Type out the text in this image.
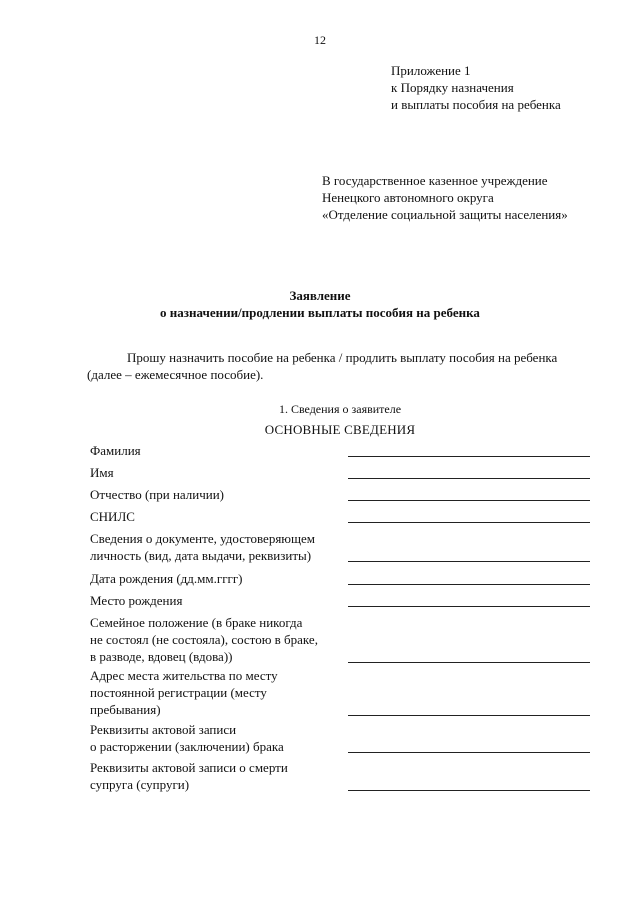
12
Приложение 1
к Порядку назначения
и выплаты пособия на ребенка
В государственное казенное учреждение
Ненецкого автономного округа
«Отделение социальной защиты населения»
Заявление
о назначении/продлении выплаты пособия на ребенка
Прошу назначить пособие на ребенка / продлить выплату пособия на ребенка (далее – ежемесячное пособие).
1. Сведения о заявителе
ОСНОВНЫЕ СВЕДЕНИЯ
Фамилия
Имя
Отчество (при наличии)
СНИЛС
Сведения о документе, удостоверяющем
личность (вид, дата выдачи, реквизиты)
Дата рождения (дд.мм.гггг)
Место рождения
Семейное положение (в браке никогда
не состоял (не состояла), состою в браке,
в разводе, вдовец (вдова))
Адрес места жительства по месту
постоянной регистрации (месту
пребывания)
Реквизиты актовой записи
о расторжении (заключении) брака
Реквизиты актовой записи о смерти
супруга (супруги)
